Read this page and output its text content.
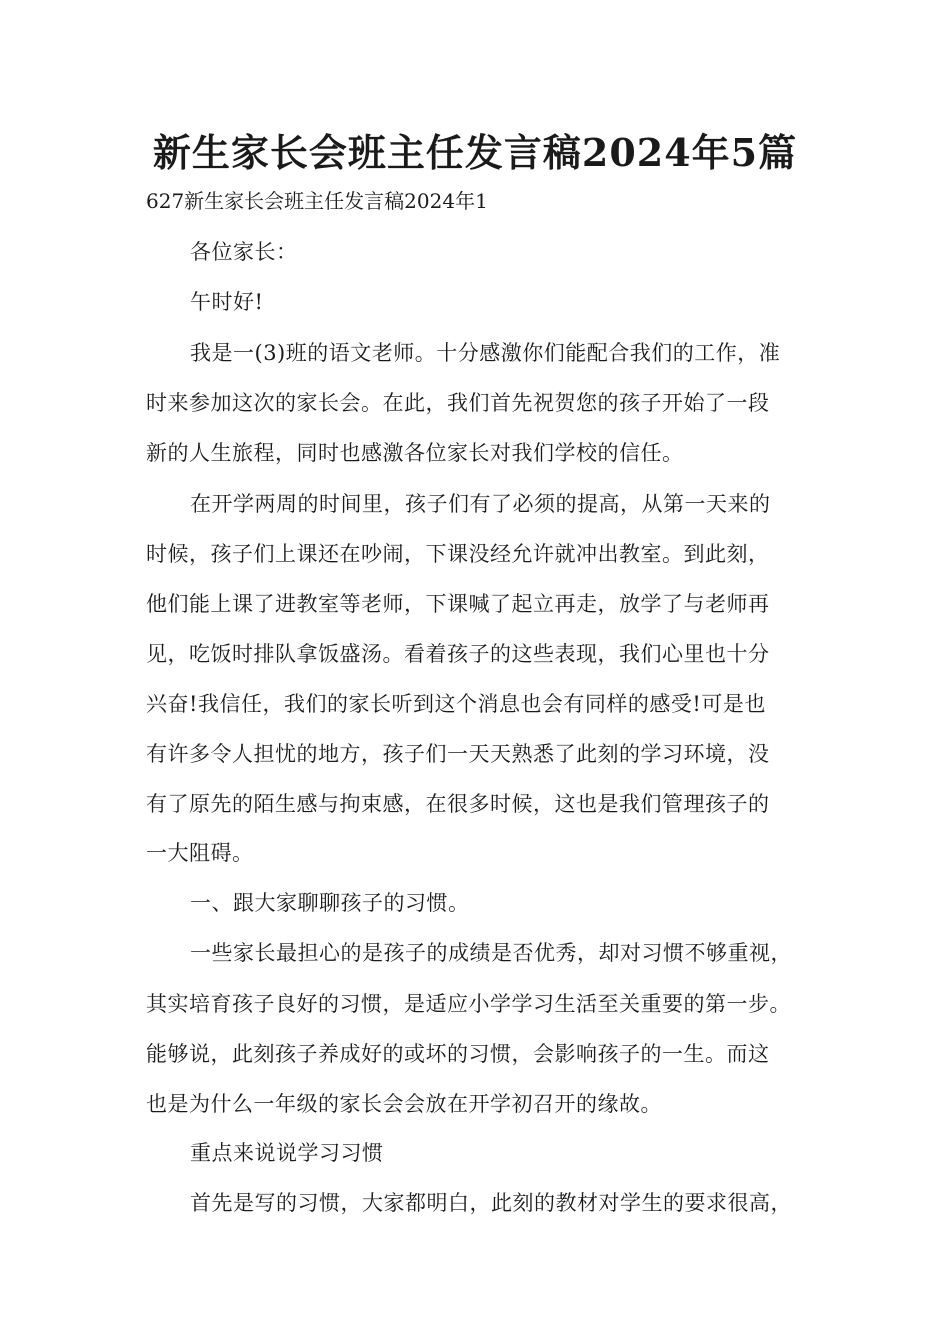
新生家长会班主任发言稿2024年5篇
627新生家长会班主任发言稿2024年1
各位家长：
午时好!
我是一(3)班的语文老师。十分感激你们能配合我们的工作，准
时来参加这次的家长会。在此，我们首先祝贺您的孩子开始了一段
新的人生旅程，同时也感激各位家长对我们学校的信任。
在开学两周的时间里，孩子们有了必须的提高，从第一天来的
时候，孩子们上课还在吵闹，下课没经允许就冲出教室。到此刻，
他们能上课了进教室等老师，下课喊了起立再走，放学了与老师再
见，吃饭时排队拿饭盛汤。看着孩子的这些表现，我们心里也十分
兴奋!我信任，我们的家长听到这个消息也会有同样的感受!可是也
有许多令人担忧的地方，孩子们一天天熟悉了此刻的学习环境，没
有了原先的陌生感与拘束感，在很多时候，这也是我们管理孩子的
一大阻碍。
一、跟大家聊聊孩子的习惯。
一些家长最担心的是孩子的成绩是否优秀，却对习惯不够重视，
其实培育孩子良好的习惯，是适应小学学习生活至关重要的第一步。
能够说，此刻孩子养成好的或坏的习惯，会影响孩子的一生。而这
也是为什么一年级的家长会会放在开学初召开的缘故。
重点来说说学习习惯
首先是写的习惯，大家都明白，此刻的教材对学生的要求很高，
